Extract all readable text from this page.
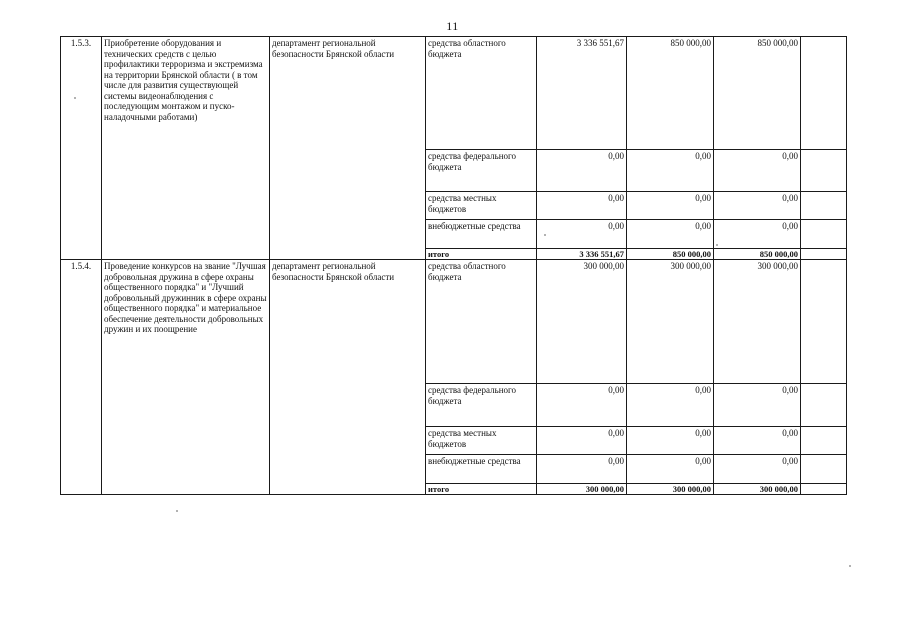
11
1.5.3.	Приобретение оборудования и технических средств с целью профилактики терроризма и экстремизма на территории Брянской области ( в том числе для развития существующей системы видеонаблюдения с последующим монтажом и пуско-наладочными работами)	департамент региональной безопасности Брянской области	средства областного бюджета	3 336 551,67	850 000,00	850 000,00	
			средства федерального бюджета	0,00	0,00	0,00	
			средства местных бюджетов	0,00	0,00	0,00	
			внебюджетные средства	0,00	0,00	0,00	
			итого	3 336 551,67	850 000,00	850 000,00	
1.5.4.	Проведение конкурсов на звание "Лучшая добровольная дружина в сфере охраны общественного порядка" и "Лучший добровольный дружинник в сфере охраны общественного порядка" и материальное обеспечение деятельности добровольных дружин и их поощрение	департамент региональной безопасности Брянской области	средства областного бюджета	300 000,00	300 000,00	300 000,00	
			средства федерального бюджета	0,00	0,00	0,00	
			средства местных бюджетов	0,00	0,00	0,00	
			внебюджетные средства	0,00	0,00	0,00	
			итого	300 000,00	300 000,00	300 000,00	
